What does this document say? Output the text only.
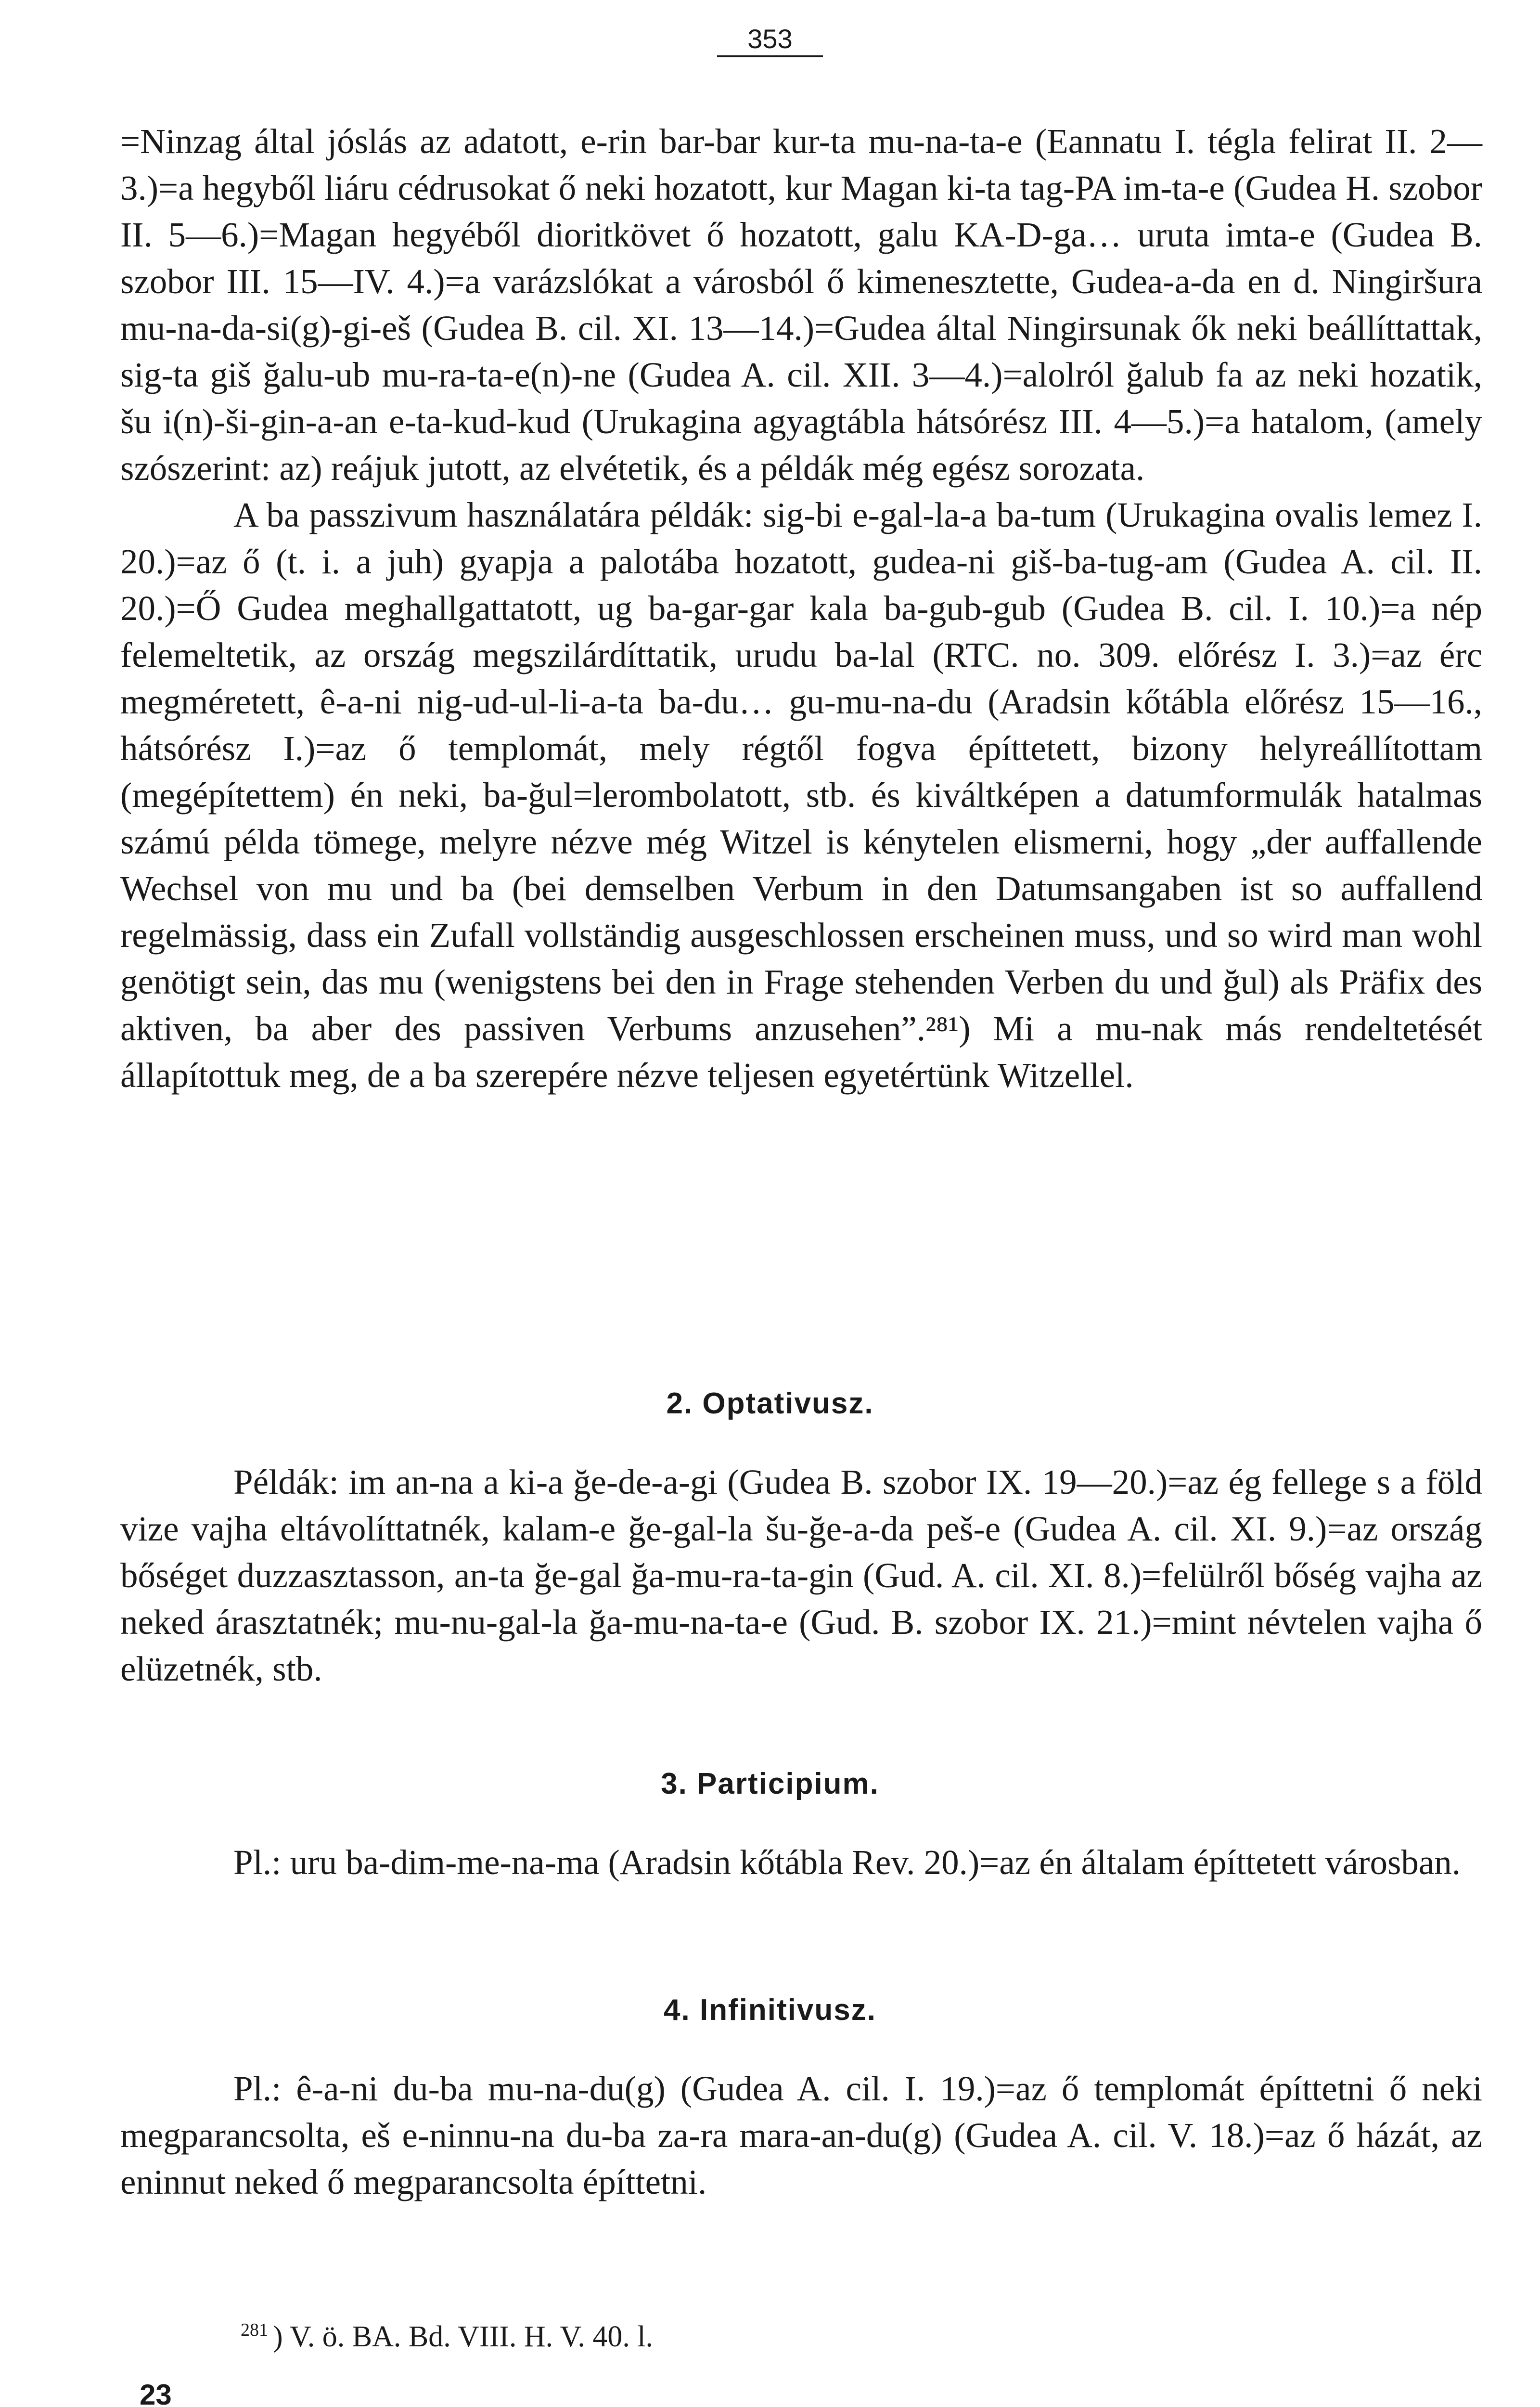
353

=Ninzag által jóslás az adatott, e-rin bar-bar kur-ta mu-na-ta-e (Eannatu I. tégla felirat II. 2—3.)=a hegyből liáru cédrusokat ő neki hozatott, kur Magan ki-ta tag-PA im-ta-e (Gudea H. szobor II. 5—6.)=Magan hegyéből dioritkövet ő hozatott, galu KA-D-ga… uruta imta-e (Gudea B. szobor III. 15—IV. 4.)=a varázslókat a városból ő kimenesztette, Gudea-a-da en d. Ningiršura mu-na-da-si(g)-gi-eš (Gudea B. cil. XI. 13—14.)=Gudea által Ningirsunak ők neki beállíttattak, sig-ta giš ğalu-ub mu-ra-ta-e(n)-ne (Gudea A. cil. XII. 3—4.)=alolról ğalub fa az neki hozatik, šu i(n)-ši-gin-a-an e-ta-kud-kud (Urukagina agyagtábla hátsórész III. 4—5.)=a hatalom, (amely szószerint: az) reájuk jutott, az elvétetik, és a példák még egész sorozata.

A ba passzivum használatára példák: sig-bi e-gal-la-a ba-tum (Urukagina ovalis lemez I. 20.)=az ő (t. i. a juh) gyapja a palotába hozatott, gudea-ni giš-ba-tug-am (Gudea A. cil. II. 20.)=Ő Gudea meghallgattatott, ug ba-gar-gar kala ba-gub-gub (Gudea B. cil. I. 10.)=a nép felemeltetik, az ország megszilárdíttatik, urudu ba-lal (RTC. no. 309. előrész I. 3.)=az érc megméretett, ê-a-ni nig-ud-ul-li-a-ta ba-du… gu-mu-na-du (Aradsin kőtábla előrész 15—16., hátsórész I.)=az ő templomát, mely régtől fogva építtetett, bizony helyreállítottam (megépítettem) én neki, ba-ğul=lerombolatott, stb. és kiváltképen a datumformulák hatalmas számú példa tömege, melyre nézve még Witzel is kénytelen elismerni, hogy „der auffallende Wechsel von mu und ba (bei demselben Verbum in den Datumsangaben ist so auffallend regelmässig, dass ein Zufall vollständig ausgeschlossen erscheinen muss, und so wird man wohl genötigt sein, das mu (wenigstens bei den in Frage stehenden Verben du und ğul) als Präfix des aktiven, ba aber des passiven Verbums anzusehen”.²⁸¹) Mi a mu-nak más rendeltetését állapítottuk meg, de a ba szerepére nézve teljesen egyetértünk Witzellel.

2. Optativusz.

Példák: im an-na a ki-a ğe-de-a-gi (Gudea B. szobor IX. 19—20.)=az ég fellege s a föld vize vajha eltávolíttatnék, kalam-e ğe-gal-la šu-ğe-a-da peš-e (Gudea A. cil. XI. 9.)=az ország bőséget duzzasztasson, an-ta ğe-gal ğa-mu-ra-ta-gin (Gud. A. cil. XI. 8.)=felülről bőség vajha az neked árasztatnék; mu-nu-gal-la ğa-mu-na-ta-e (Gud. B. szobor IX. 21.)=mint névtelen vajha ő elüzetnék, stb.

3. Participium.

Pl.: uru ba-dim-me-na-ma (Aradsin kőtábla Rev. 20.)=az én általam építtetett városban.

4. Infinitivusz.

Pl.: ê-a-ni du-ba mu-na-du(g) (Gudea A. cil. I. 19.)=az ő templomát építtetni ő neki megparancsolta, eš e-ninnu-na du-ba za-ra mara-an-du(g) (Gudea A. cil. V. 18.)=az ő házát, az eninnut neked ő megparancsolta építtetni.

$^{281}$ ) V. ö. BA. Bd. VIII. H. V. 40. l.
23
